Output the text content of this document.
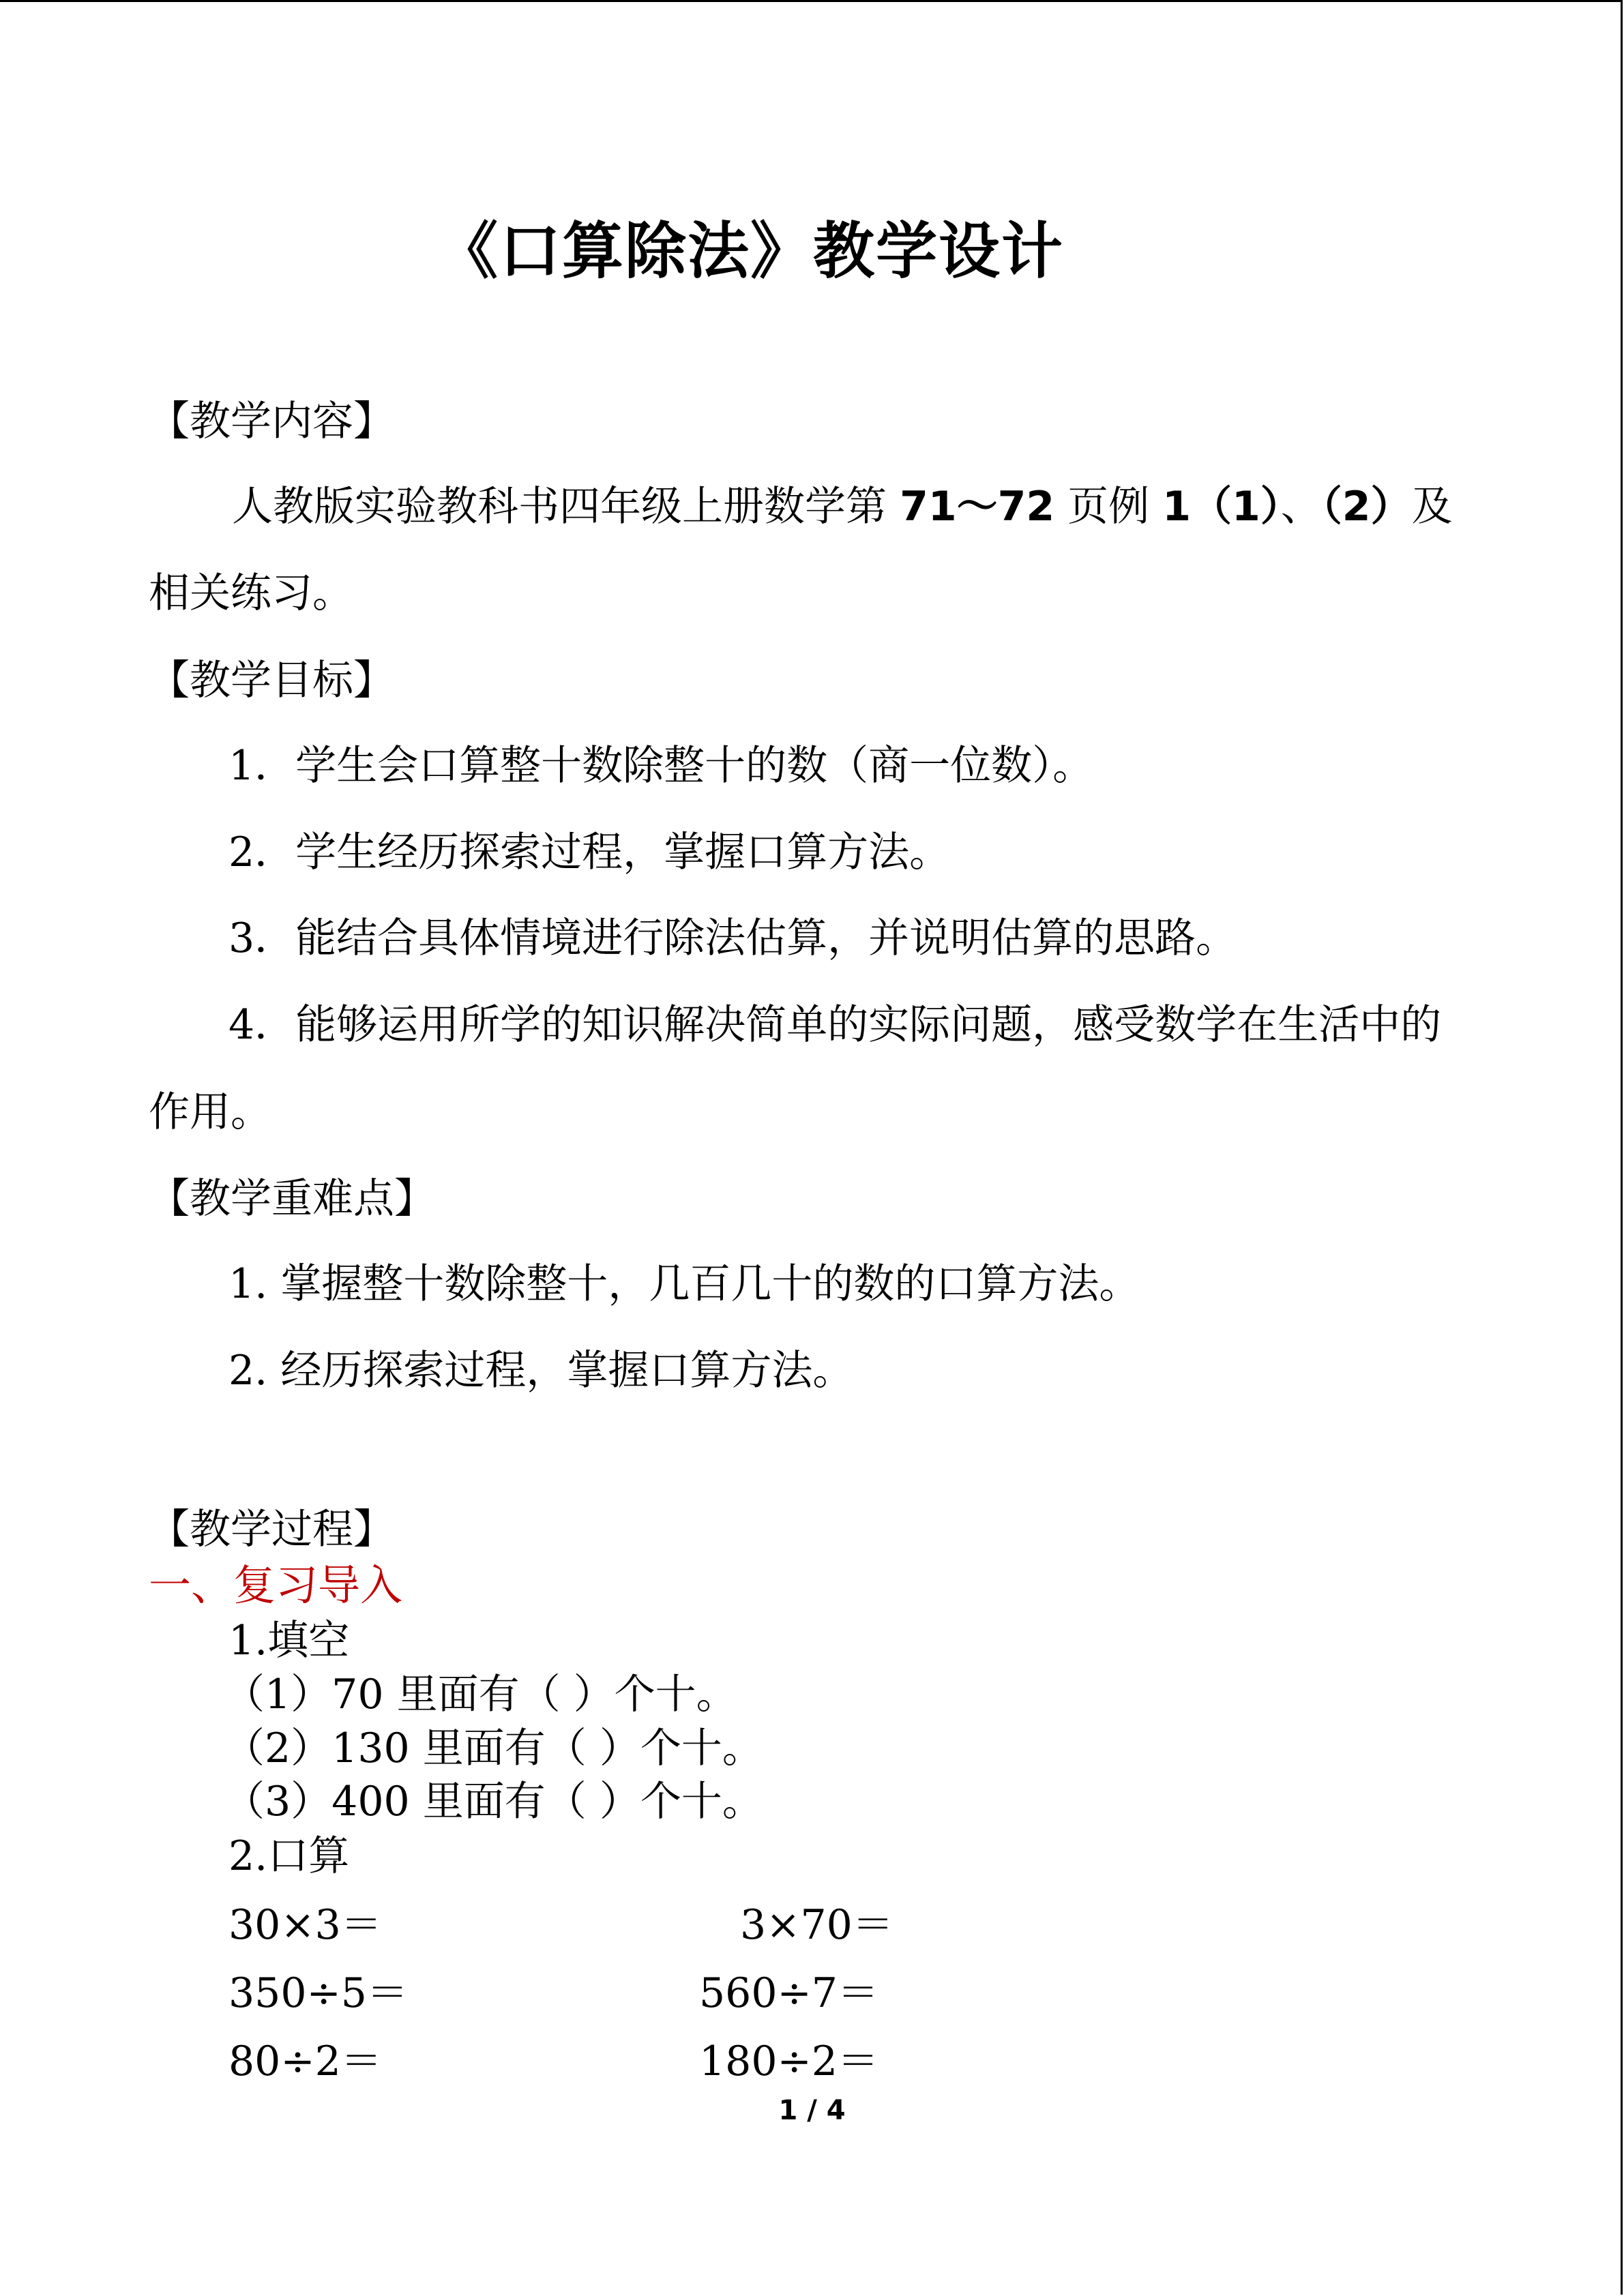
《口算除法》教学设计
【教学内容】
人教版实验教科书四年级上册数学第 71～72 页例 1（1）、（2）及
相关练习。
【教学目标】
1．学生会口算整十数除整十的数（商一位数）。
2．学生经历探索过程，掌握口算方法。
3．能结合具体情境进行除法估算，并说明估算的思路。
4．能够运用所学的知识解决简单的实际问题，感受数学在生活中的
作用。
【教学重难点】
1. 掌握整十数除整十，几百几十的数的口算方法。
2. 经历探索过程，掌握口算方法。
【教学过程】
一、复习导入
1.填空
（1）70 里面有（ ）个十。
（2）130 里面有（ ）个十。
（3）400 里面有（ ）个十。
2.口算
30×3＝	3×70＝
350÷5＝	560÷7＝
80÷2＝	180÷2＝
1 / 4
